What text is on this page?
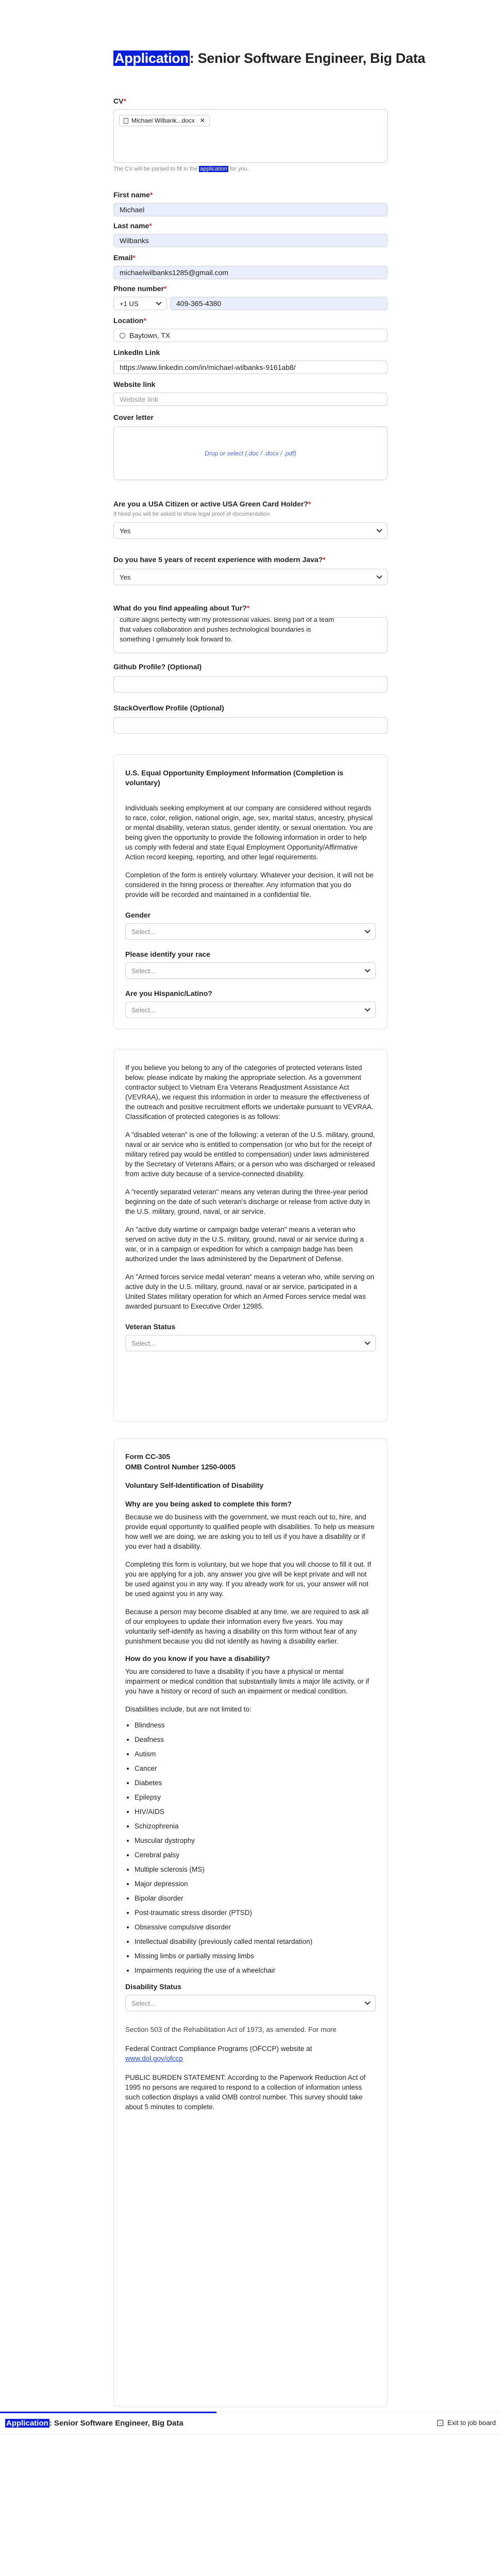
Application: Senior Software Engineer, Big Data
CV*
Michael Wilbank...docx ✕
The CV will be parsed to fill in the application for you.
First name*
Michael
Last name*
Wilbanks
Email*
michaelwilbanks1285@gmail.com
Phone number*
+1 US	409-365-4380
Location*
Baytown, TX
LinkedIn Link
https://www.linkedin.com/in/michael-wilbanks-9161ab8/
Website link
Website link
Cover letter
Drop or select (.doc / .docx / .pdf)
Are you a USA Citizen or active USA Green Card Holder?*
If hired you will be asked to show legal proof of documentation
Yes
Do you have 5 years of recent experience with modern Java?*
Yes
What do you find appealing about Tur?*
culture aligns perfectly with my professional values. Being part of a team
that values collaboration and pushes technological boundaries is
something I genuinely look forward to.
Github Profile? (Optional)
StackOverflow Profile (Optional)
U.S. Equal Opportunity Employment Information (Completion is voluntary)
Individuals seeking employment at our company are considered without regards to race, color, religion, national origin, age, sex, marital status, ancestry, physical or mental disability, veteran status, gender identity, or sexual orientation. You are being given the opportunity to provide the following information in order to help us comply with federal and state Equal Employment Opportunity/Affirmative Action record keeping, reporting, and other legal requirements.
Completion of the form is entirely voluntary. Whatever your decision, it will not be considered in the hiring process or thereafter. Any information that you do provide will be recorded and maintained in a confidential file.
Gender
Select...
Please identify your race
Select...
Are you Hispanic/Latino?
Select...
If you believe you belong to any of the categories of protected veterans listed below, please indicate by making the appropriate selection. As a government contractor subject to Vietnam Era Veterans Readjustment Assistance Act (VEVRAA), we request this information in order to measure the effectiveness of the outreach and positive recruitment efforts we undertake pursuant to VEVRAA. Classification of protected categories is as follows:
A "disabled veteran" is one of the following: a veteran of the U.S. military, ground, naval or air service who is entitled to compensation (or who but for the receipt of military retired pay would be entitled to compensation) under laws administered by the Secretary of Veterans Affairs; or a person who was discharged or released from active duty because of a service-connected disability.
A "recently separated veteran" means any veteran during the three-year period beginning on the date of such veteran's discharge or release from active duty in the U.S. military, ground, naval, or air service.
An "active duty wartime or campaign badge veteran" means a veteran who served on active duty in the U.S. military, ground, naval or air service during a war, or in a campaign or expedition for which a campaign badge has been authorized under the laws administered by the Department of Defense.
An "Armed forces service medal veteran" means a veteran who, while serving on active duty in the U.S. military, ground, naval or air service, participated in a United States military operation for which an Armed Forces service medal was awarded pursuant to Executive Order 12985.
Veteran Status
Select...
Form CC-305
OMB Control Number 1250-0005
Voluntary Self-Identification of Disability
Why are you being asked to complete this form?
Because we do business with the government, we must reach out to, hire, and provide equal opportunity to qualified people with disabilities. To help us measure how well we are doing, we are asking you to tell us if you have a disability or if you ever had a disability.
Completing this form is voluntary, but we hope that you will choose to fill it out. If you are applying for a job, any answer you give will be kept private and will not be used against you in any way. If you already work for us, your answer will not be used against you in any way.
Because a person may become disabled at any time, we are required to ask all of our employees to update their information every five years. You may voluntarily self-identify as having a disability on this form without fear of any punishment because you did not identify as having a disability earlier.
How do you know if you have a disability?
You are considered to have a disability if you have a physical or mental impairment or medical condition that substantially limits a major life activity, or if you have a history or record of such an impairment or medical condition.
Disabilities include, but are not limited to:
• Blindness
• Deafness
• Autism
• Cancer
• Diabetes
• Epilepsy
• HIV/AIDS
• Schizophrenia
• Muscular dystrophy
• Cerebral palsy
• Multiple sclerosis (MS)
• Major depression
• Bipolar disorder
• Post-traumatic stress disorder (PTSD)
• Obsessive compulsive disorder
• Intellectual disability (previously called mental retardation)
• Missing limbs or partially missing limbs
• Impairments requiring the use of a wheelchair
Disability Status
Select...
Section 503 of the Rehabilitation Act of 1973, as amended. For more
Federal Contract Compliance Programs (OFCCP) website at
www.dol.gov/ofccp
PUBLIC BURDEN STATEMENT: According to the Paperwork Reduction Act of 1995 no persons are required to respond to a collection of information unless such collection displays a valid OMB control number. This survey should take about 5 minutes to complete.
Application : Senior Software Engineer, Big Data	→ Exit to job board
